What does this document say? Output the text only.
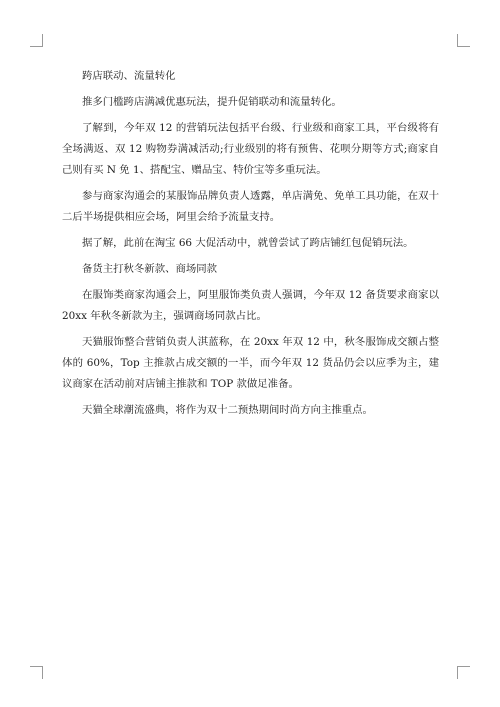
跨店联动、流量转化

推多门槛跨店满减优惠玩法，提升促销联动和流量转化。

了解到，今年双 12 的营销玩法包括平台级、行业级和商家工具，平台级将有全场满返、双 12 购物券满减活动;行业级别的将有预售、花呗分期等方式;商家自己则有买 N 免 1、搭配宝、赠品宝、特价宝等多重玩法。

参与商家沟通会的某服饰品牌负责人透露，单店满免、免单工具功能，在双十二后半场提供相应会场，阿里会给予流量支持。

据了解，此前在淘宝 66 大促活动中，就曾尝试了跨店铺红包促销玩法。

备货主打秋冬新款、商场同款

在服饰类商家沟通会上，阿里服饰类负责人强调，今年双 12 备货要求商家以20xx 年秋冬新款为主，强调商场同款占比。

天猫服饰整合营销负责人淇蓝称，在 20xx 年双 12 中，秋冬服饰成交额占整体的 60%，Top 主推款占成交额的一半，而今年双 12 货品仍会以应季为主，建议商家在活动前对店铺主推款和 TOP 款做足准备。

天猫全球潮流盛典，将作为双十二预热期间时尚方向主推重点。
